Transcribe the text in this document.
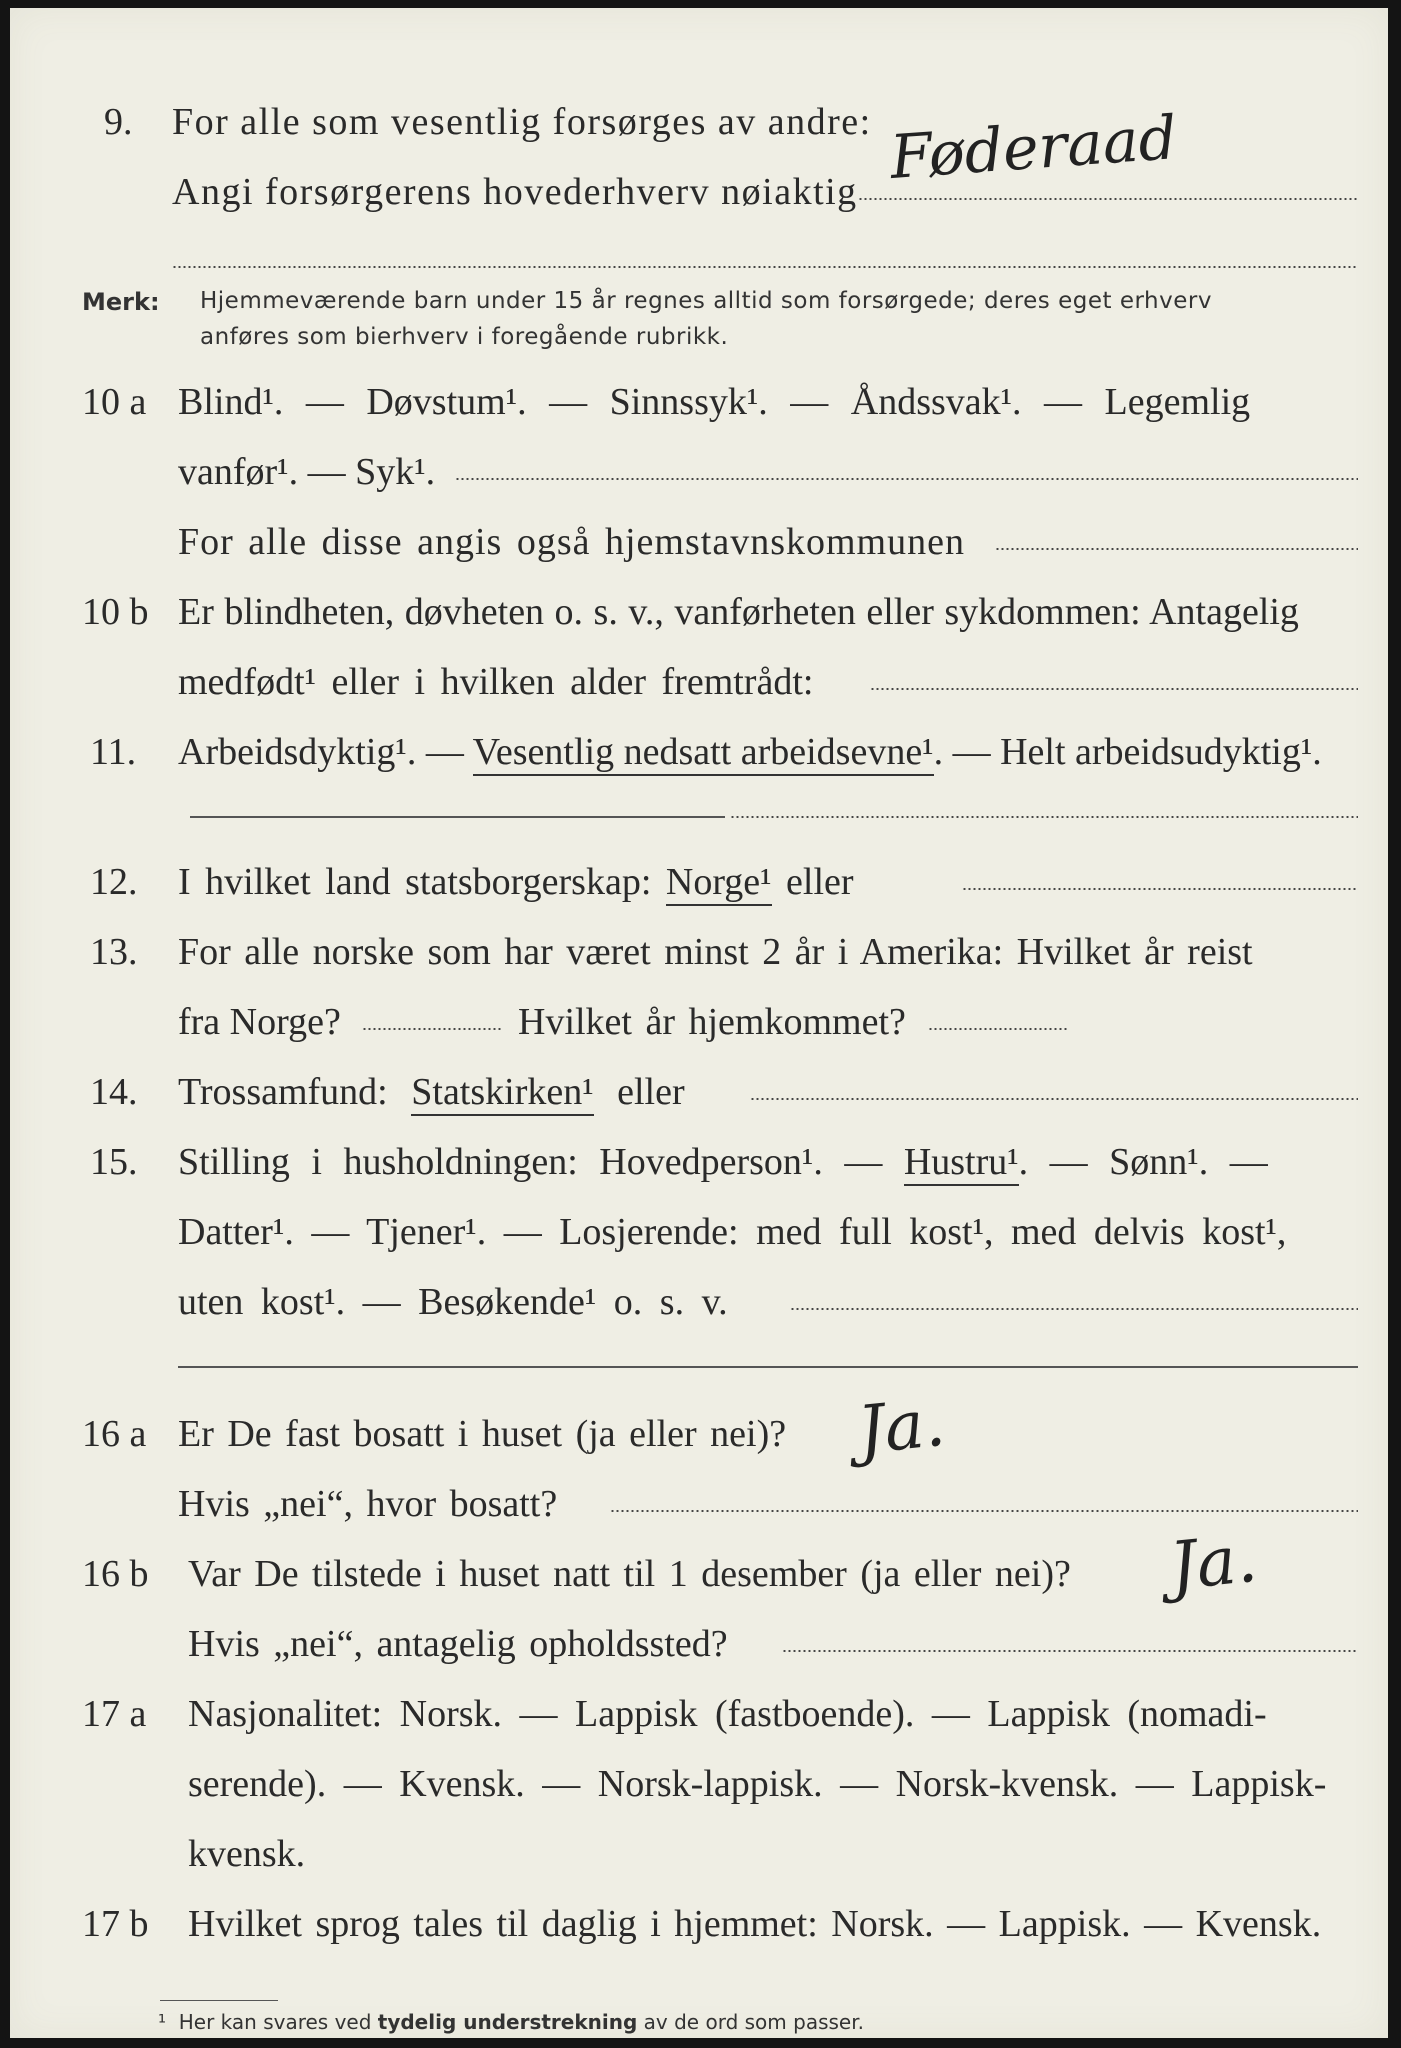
9.	For alle som vesentlig forsørges av andre:
Angi forsørgerens hovederhverv nøiaktig Føderaad
Merk: Hjemmeværende barn under 15 år regnes alltid som forsørgede; deres eget erhverv
anføres som bierhverv i foregående rubrikk.
10 a Blind¹. — Døvstum¹. — Sinnssyk¹. — Åndssvak¹. — Legemlig
vanfør¹. — Syk¹.
For alle disse angis også hjemstavnskommunen
10 b Er blindheten, døvheten o. s. v., vanførheten eller sykdommen: Antagelig
medfødt¹ eller i hvilken alder fremtrådt:
11.	Arbeidsdyktig¹. — Vesentlig nedsatt arbeidsevne¹. — Helt arbeidsudyktig¹.
12.	I hvilket land statsborgerskap: Norge¹ eller
13.	For alle norske som har været minst 2 år i Amerika: Hvilket år reist
fra Norge?	Hvilket år hjemkommet?
14.	Trossamfund: Statskirken¹ eller
15.	Stilling i husholdningen: Hovedperson¹. — Hustru¹. — Sønn¹. —
Datter¹. — Tjener¹. — Losjerende: med full kost¹, med delvis kost¹,
uten kost¹. — Besøkende¹ o. s. v.
16 a Er De fast bosatt i huset (ja eller nei)? Ja.
Hvis „nei“, hvor bosatt?
16 b	Var De tilstede i huset natt til 1 desember (ja eller nei)? Ja.
Hvis „nei“, antagelig opholdssted?
17 a	Nasjonalitet: Norsk. — Lappisk (fastboende). — Lappisk (nomadi-
serende). — Kvensk. — Norsk-lappisk. — Norsk-kvensk. — Lappisk-
kvensk.
17 b	Hvilket sprog tales til daglig i hjemmet: Norsk. — Lappisk. — Kvensk.
¹ Her kan svares ved tydelig understrekning av de ord som passer.
